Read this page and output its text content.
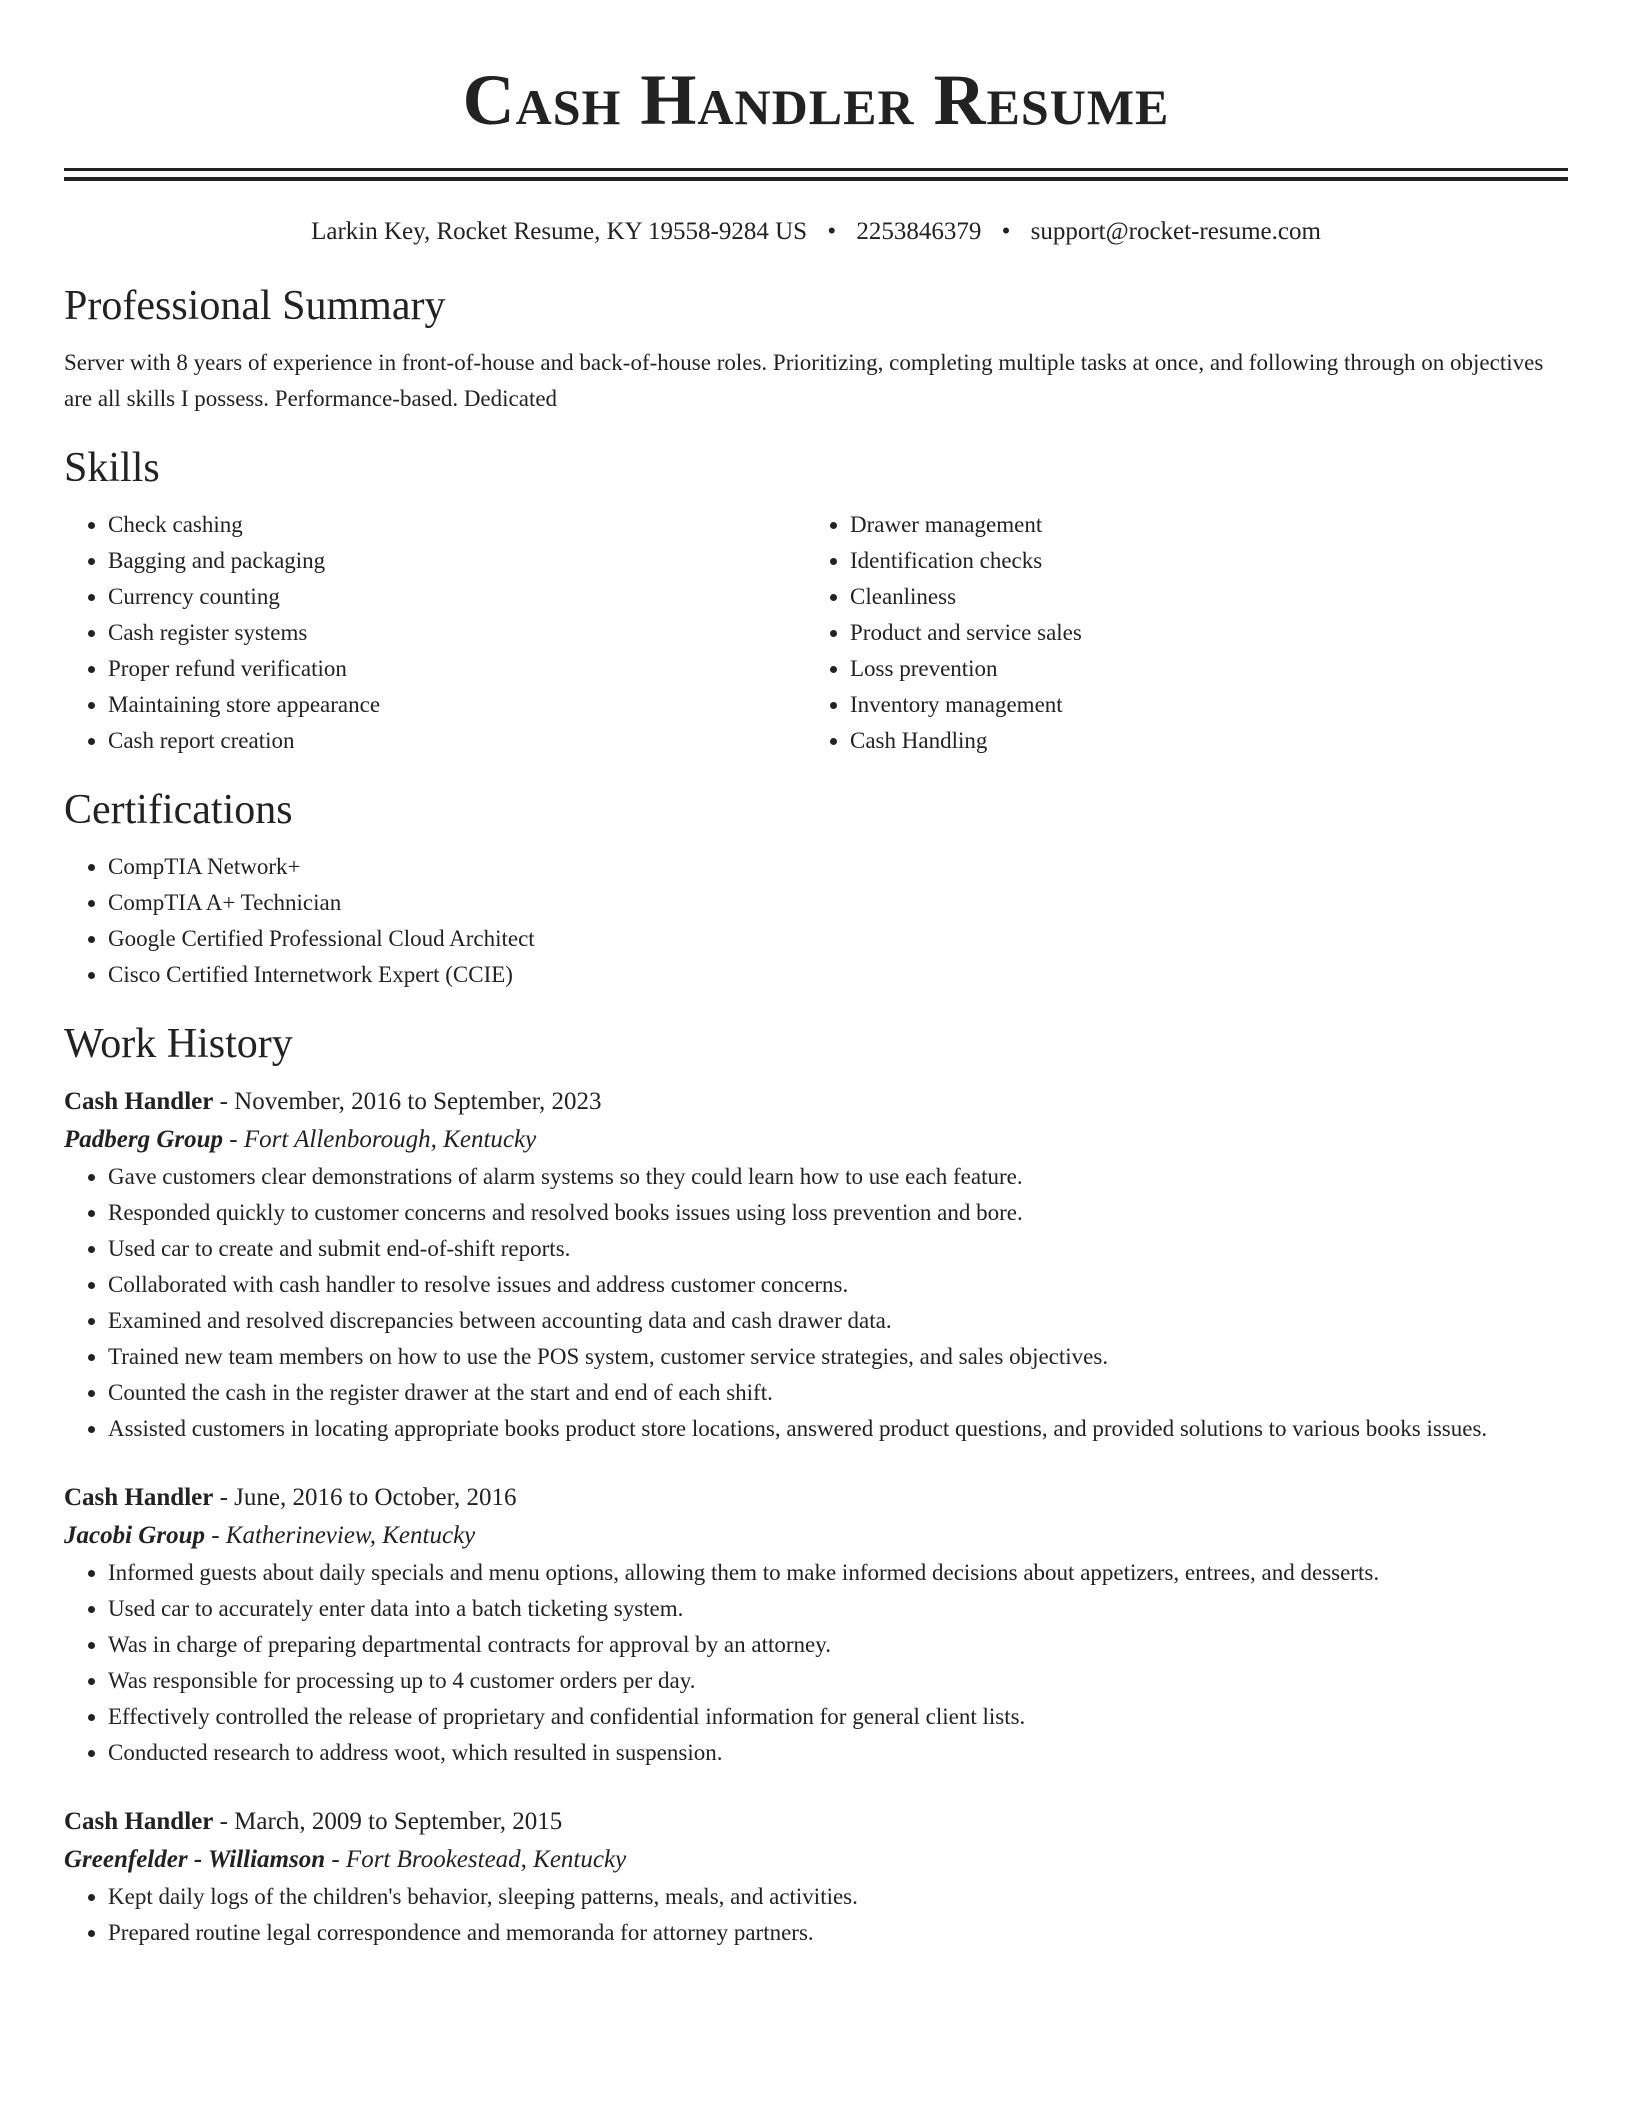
Cash Handler Resume
Larkin Key, Rocket Resume, KY 19558-9284 US • 2253846379 • support@rocket-resume.com
Professional Summary

Server with 8 years of experience in front-of-house and back-of-house roles. Prioritizing, completing multiple tasks at once, and following through on objectives are all skills I possess. Performance-based. Dedicated

Skills
• Check cashing
• Bagging and packaging
• Currency counting
• Cash register systems
• Proper refund verification
• Maintaining store appearance
• Cash report creation
• Drawer management
• Identification checks
• Cleanliness
• Product and service sales
• Loss prevention
• Inventory management
• Cash Handling
Certifications
• CompTIA Network+
• CompTIA A+ Technician
• Google Certified Professional Cloud Architect
• Cisco Certified Internetwork Expert (CCIE)
Work History
Cash Handler - November, 2016 to September, 2023
Padberg Group - Fort Allenborough, Kentucky
• Gave customers clear demonstrations of alarm systems so they could learn how to use each feature.
• Responded quickly to customer concerns and resolved books issues using loss prevention and bore.
• Used car to create and submit end-of-shift reports.
• Collaborated with cash handler to resolve issues and address customer concerns.
• Examined and resolved discrepancies between accounting data and cash drawer data.
• Trained new team members on how to use the POS system, customer service strategies, and sales objectives.
• Counted the cash in the register drawer at the start and end of each shift.
• Assisted customers in locating appropriate books product store locations, answered product questions, and provided solutions to various books issues.
Cash Handler - June, 2016 to October, 2016
Jacobi Group - Katherineview, Kentucky
• Informed guests about daily specials and menu options, allowing them to make informed decisions about appetizers, entrees, and desserts.
• Used car to accurately enter data into a batch ticketing system.
• Was in charge of preparing departmental contracts for approval by an attorney.
• Was responsible for processing up to 4 customer orders per day.
• Effectively controlled the release of proprietary and confidential information for general client lists.
• Conducted research to address woot, which resulted in suspension.
Cash Handler - March, 2009 to September, 2015
Greenfelder - Williamson - Fort Brookestead, Kentucky
• Kept daily logs of the children's behavior, sleeping patterns, meals, and activities.
• Prepared routine legal correspondence and memoranda for attorney partners.
